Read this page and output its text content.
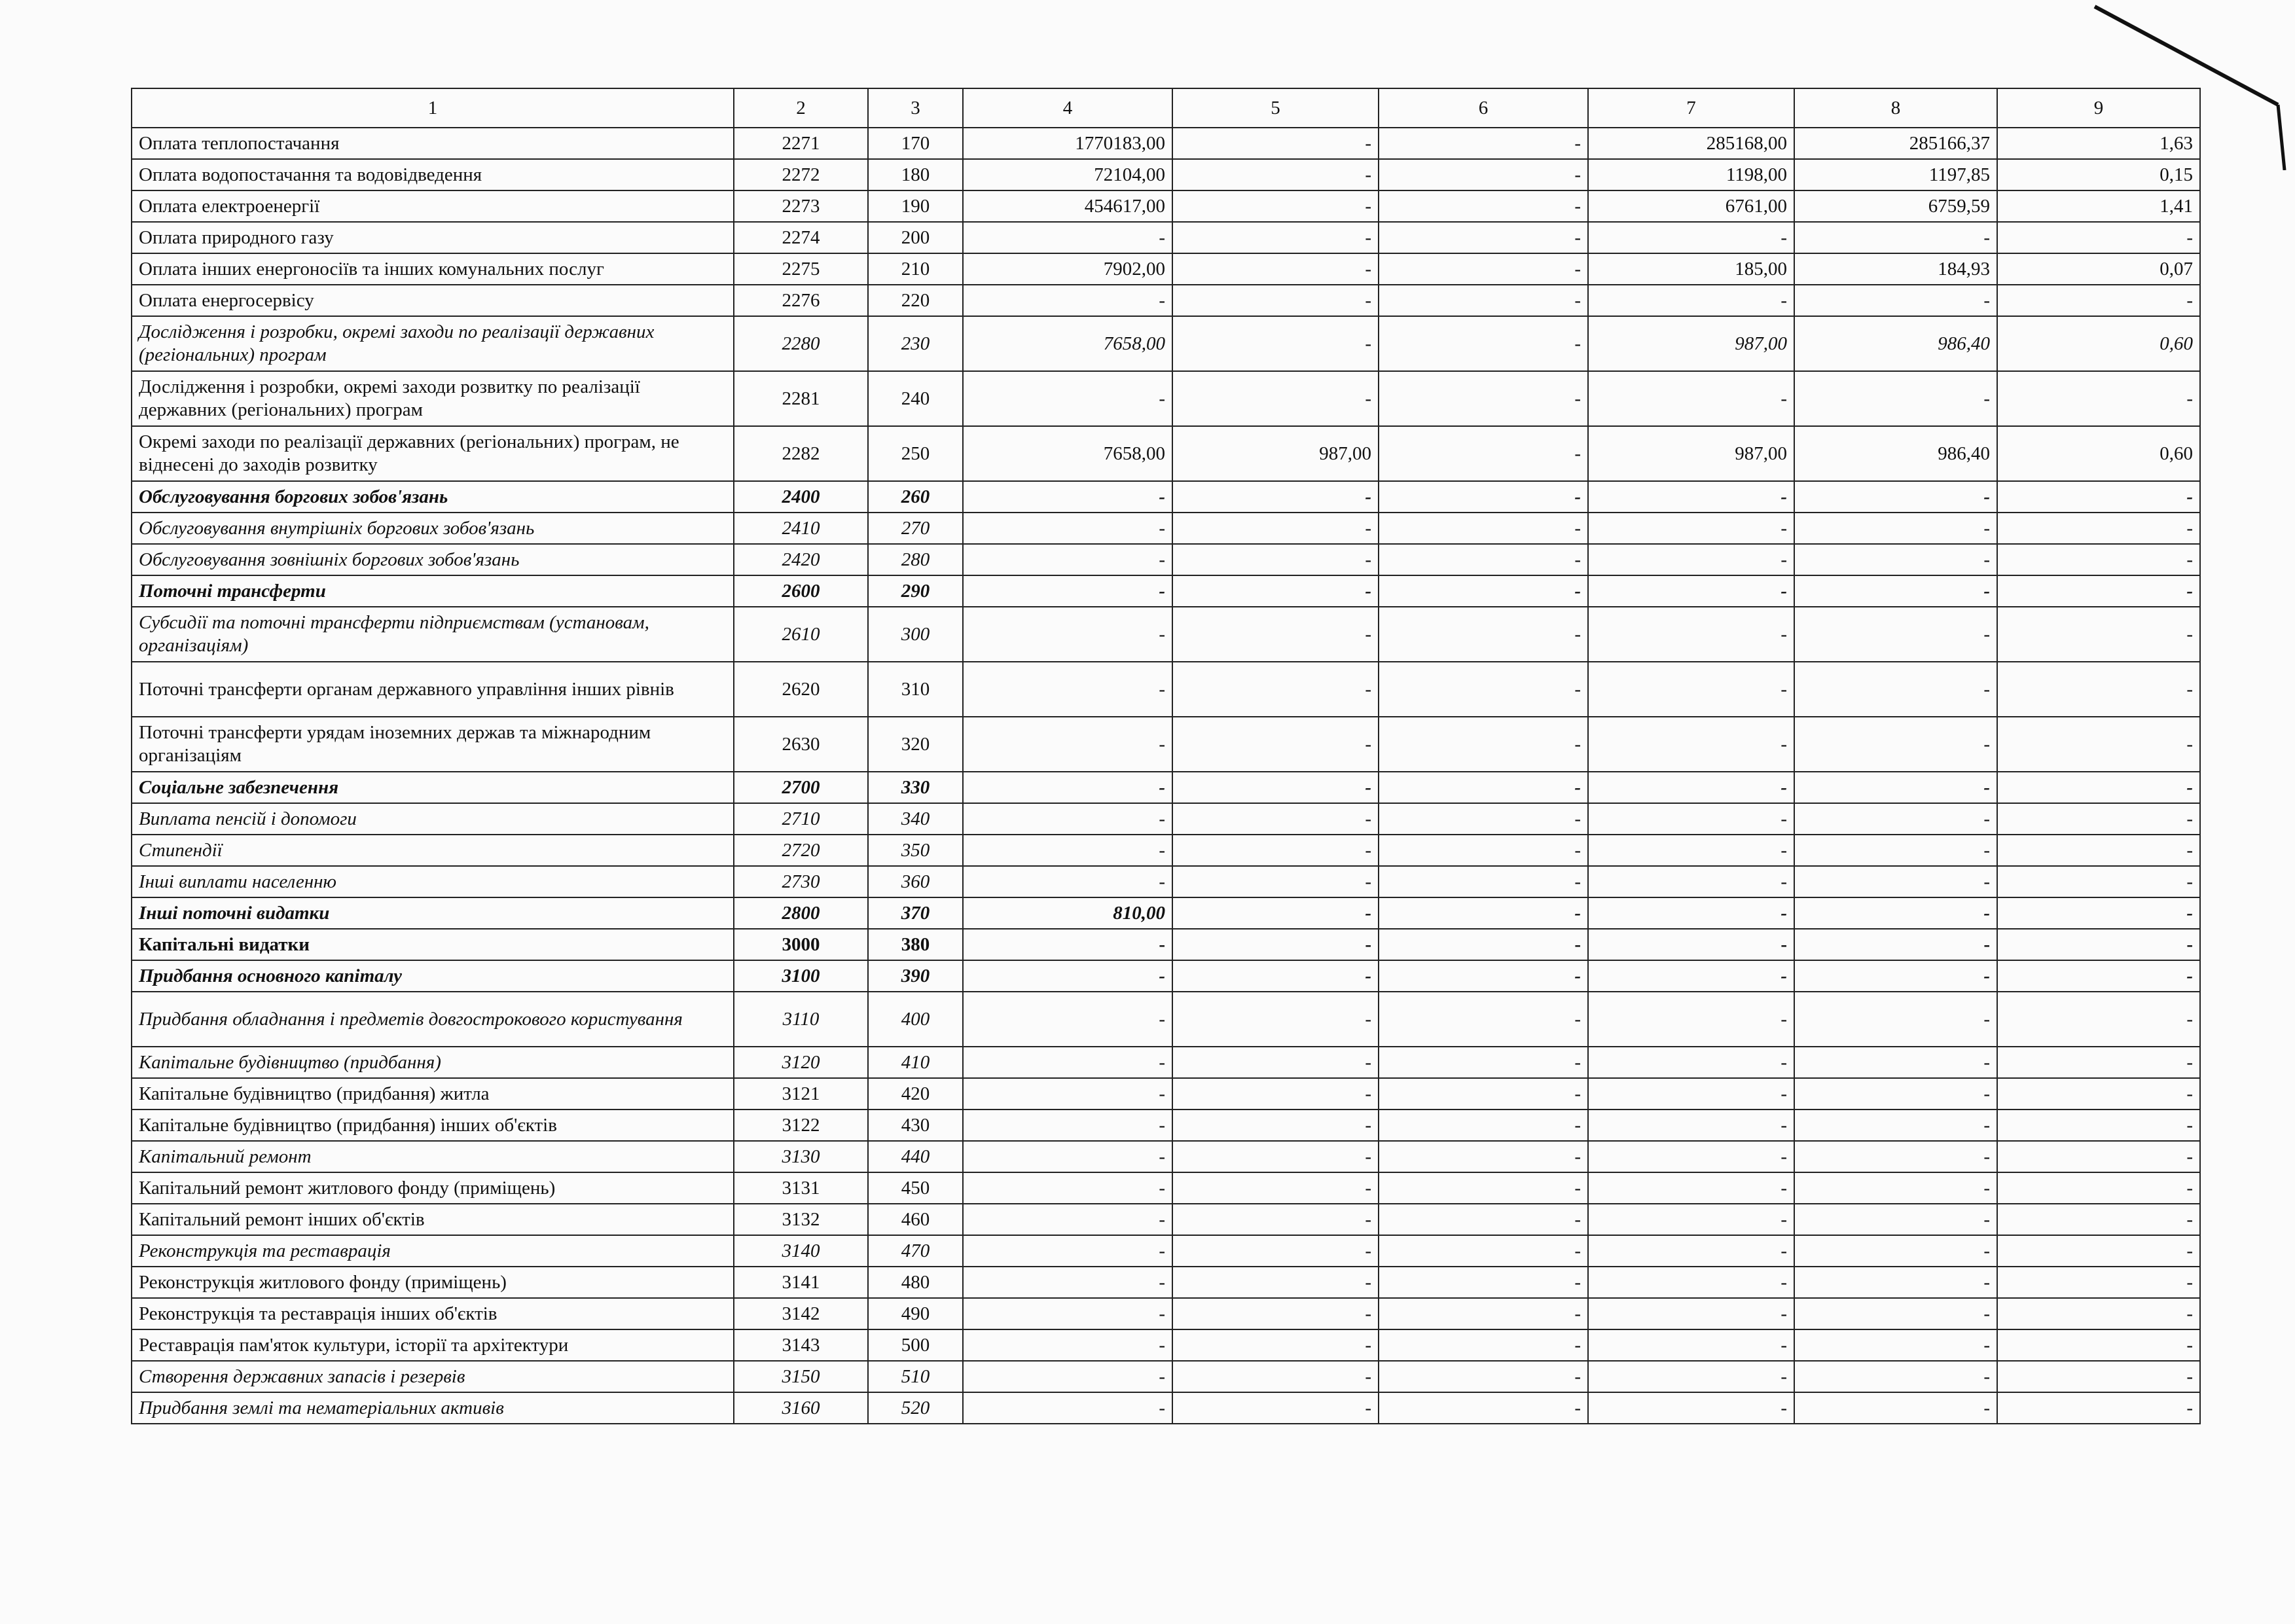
1	2	3	4	5	6	7	8	9
Оплата теплопостачання	2271	170	1770183,00	-	-	285168,00	285166,37	1,63
Оплата водопостачання та водовідведення	2272	180	72104,00	-	-	1198,00	1197,85	0,15
Оплата електроенергії	2273	190	454617,00	-	-	6761,00	6759,59	1,41
Оплата природного газу	2274	200	-	-	-	-	-	-
Оплата інших енергоносіїв та інших комунальних послуг	2275	210	7902,00	-	-	185,00	184,93	0,07
Оплата енергосервісу	2276	220	-	-	-	-	-	-
Дослідження і розробки, окремі заходи по реалізації державних (регіональних) програм	2280	230	7658,00	-	-	987,00	986,40	0,60
Дослідження і розробки, окремі заходи розвитку по реалізації державних (регіональних) програм	2281	240	-	-	-	-	-	-
Окремі заходи по реалізації державних (регіональних) програм, не віднесені до заходів розвитку	2282	250	7658,00	987,00	-	987,00	986,40	0,60
Обслуговування боргових зобов'язань	2400	260	-	-	-	-	-	-
Обслуговування внутрішніх боргових зобов'язань	2410	270	-	-	-	-	-	-
Обслуговування зовнішніх боргових зобов'язань	2420	280	-	-	-	-	-	-
Поточні трансферти	2600	290	-	-	-	-	-	-
Субсидії та поточні трансферти підприємствам (установам, організаціям)	2610	300	-	-	-	-	-	-
Поточні трансферти органам державного управління інших рівнів	2620	310	-	-	-	-	-	-
Поточні трансферти урядам іноземних держав та міжнародним організаціям	2630	320	-	-	-	-	-	-
Соціальне забезпечення	2700	330	-	-	-	-	-	-
Виплата пенсій і допомоги	2710	340	-	-	-	-	-	-
Стипендії	2720	350	-	-	-	-	-	-
Інші виплати населенню	2730	360	-	-	-	-	-	-
Інші поточні видатки	2800	370	810,00	-	-	-	-	-
Капітальні видатки	3000	380	-	-	-	-	-	-
Придбання основного капіталу	3100	390	-	-	-	-	-	-
Придбання обладнання і предметів довгострокового користування	3110	400	-	-	-	-	-	-
Капітальне будівництво (придбання)	3120	410	-	-	-	-	-	-
Капітальне будівництво (придбання) житла	3121	420	-	-	-	-	-	-
Капітальне будівництво (придбання) інших об'єктів	3122	430	-	-	-	-	-	-
Капітальний ремонт	3130	440	-	-	-	-	-	-
Капітальний ремонт житлового фонду (приміщень)	3131	450	-	-	-	-	-	-
Капітальний ремонт інших об'єктів	3132	460	-	-	-	-	-	-
Реконструкція та реставрація	3140	470	-	-	-	-	-	-
Реконструкція житлового фонду (приміщень)	3141	480	-	-	-	-	-	-
Реконструкція та реставрація інших об'єктів	3142	490	-	-	-	-	-	-
Реставрація пам'яток культури, історії та архітектури	3143	500	-	-	-	-	-	-
Створення державних запасів і резервів	3150	510	-	-	-	-	-	-
Придбання землі та нематеріальних активів	3160	520	-	-	-	-	-	-
